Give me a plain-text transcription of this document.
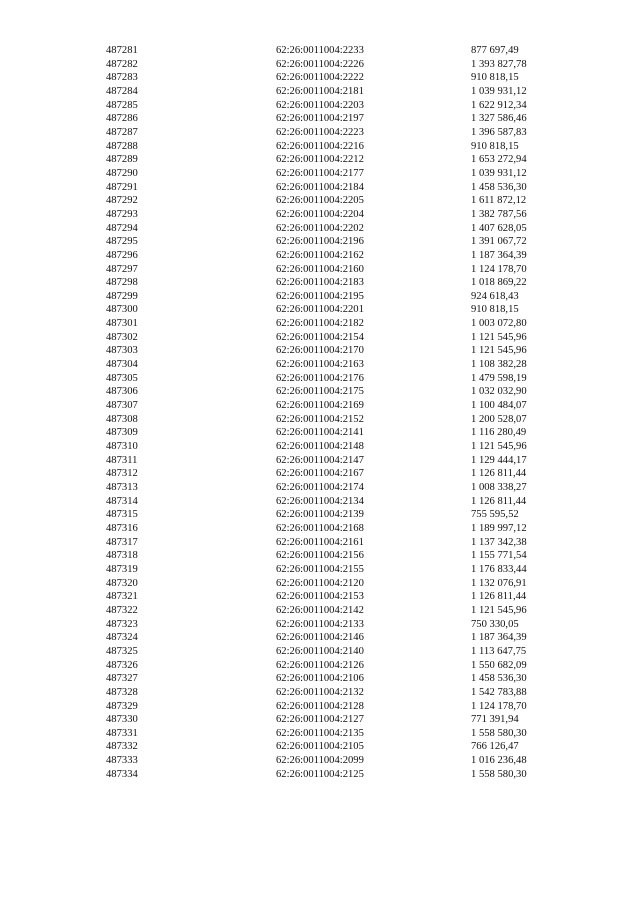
487281	62:26:0011004:2233	877 697,49
487282	62:26:0011004:2226	1 393 827,78
487283	62:26:0011004:2222	910 818,15
487284	62:26:0011004:2181	1 039 931,12
487285	62:26:0011004:2203	1 622 912,34
487286	62:26:0011004:2197	1 327 586,46
487287	62:26:0011004:2223	1 396 587,83
487288	62:26:0011004:2216	910 818,15
487289	62:26:0011004:2212	1 653 272,94
487290	62:26:0011004:2177	1 039 931,12
487291	62:26:0011004:2184	1 458 536,30
487292	62:26:0011004:2205	1 611 872,12
487293	62:26:0011004:2204	1 382 787,56
487294	62:26:0011004:2202	1 407 628,05
487295	62:26:0011004:2196	1 391 067,72
487296	62:26:0011004:2162	1 187 364,39
487297	62:26:0011004:2160	1 124 178,70
487298	62:26:0011004:2183	1 018 869,22
487299	62:26:0011004:2195	924 618,43
487300	62:26:0011004:2201	910 818,15
487301	62:26:0011004:2182	1 003 072,80
487302	62:26:0011004:2154	1 121 545,96
487303	62:26:0011004:2170	1 121 545,96
487304	62:26:0011004:2163	1 108 382,28
487305	62:26:0011004:2176	1 479 598,19
487306	62:26:0011004:2175	1 032 032,90
487307	62:26:0011004:2169	1 100 484,07
487308	62:26:0011004:2152	1 200 528,07
487309	62:26:0011004:2141	1 116 280,49
487310	62:26:0011004:2148	1 121 545,96
487311	62:26:0011004:2147	1 129 444,17
487312	62:26:0011004:2167	1 126 811,44
487313	62:26:0011004:2174	1 008 338,27
487314	62:26:0011004:2134	1 126 811,44
487315	62:26:0011004:2139	755 595,52
487316	62:26:0011004:2168	1 189 997,12
487317	62:26:0011004:2161	1 137 342,38
487318	62:26:0011004:2156	1 155 771,54
487319	62:26:0011004:2155	1 176 833,44
487320	62:26:0011004:2120	1 132 076,91
487321	62:26:0011004:2153	1 126 811,44
487322	62:26:0011004:2142	1 121 545,96
487323	62:26:0011004:2133	750 330,05
487324	62:26:0011004:2146	1 187 364,39
487325	62:26:0011004:2140	1 113 647,75
487326	62:26:0011004:2126	1 550 682,09
487327	62:26:0011004:2106	1 458 536,30
487328	62:26:0011004:2132	1 542 783,88
487329	62:26:0011004:2128	1 124 178,70
487330	62:26:0011004:2127	771 391,94
487331	62:26:0011004:2135	1 558 580,30
487332	62:26:0011004:2105	766 126,47
487333	62:26:0011004:2099	1 016 236,48
487334	62:26:0011004:2125	1 558 580,30
